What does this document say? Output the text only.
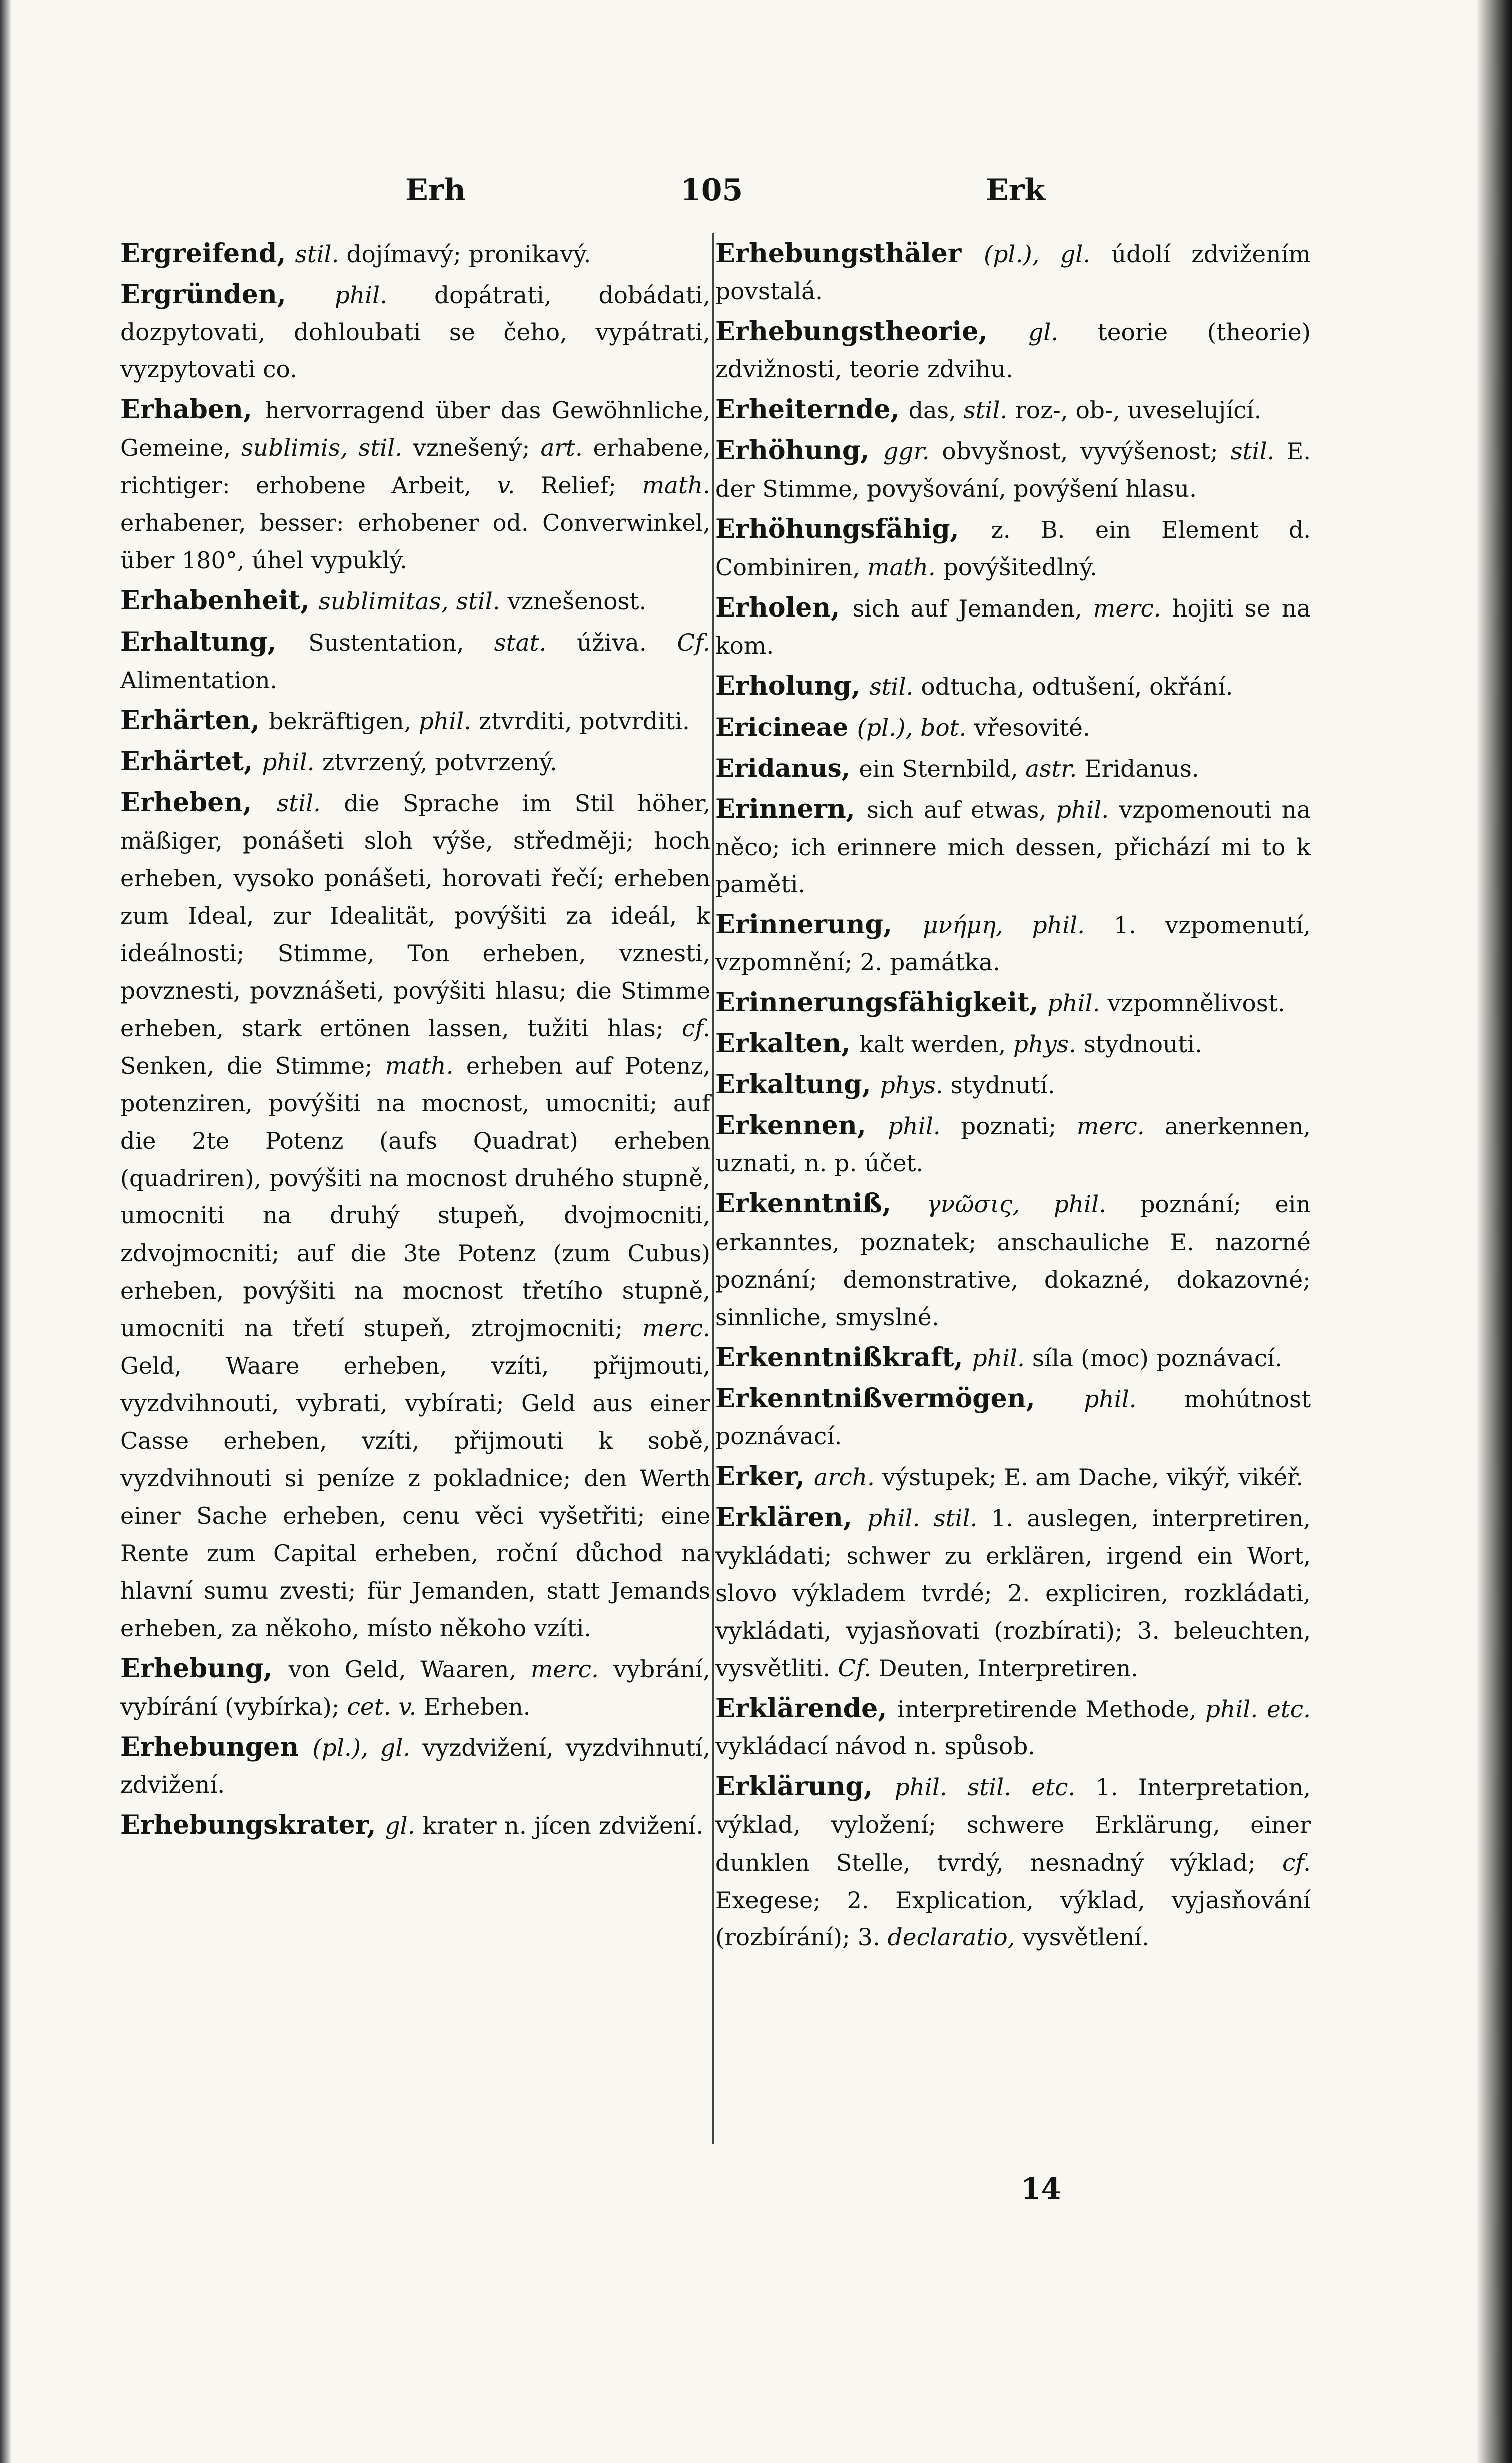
Erh	105	Erk

Ergreifend, stil. dojímavý; pronikavý.

Ergründen, phil. dopátrati, dobádati, dozpytovati, dohloubati se čeho, vypátrati, vyzpytovati co.

Erhaben, hervorragend über das Gewöhnliche, Gemeine, sublimis, stil. vznešený; art. erhabene, richtiger: erhobene Arbeit, v. Relief; math. erhabener, besser: erhobener od. Converwinkel, über 180°, úhel vypuklý.

Erhabenheit, sublimitas, stil. vznešenost.

Erhaltung, Sustentation, stat. úživa. Cf. Alimentation.

Erhärten, bekräftigen, phil. ztvrditi, potvrditi.

Erhärtet, phil. ztvrzený, potvrzený.

Erheben, stil. die Sprache im Stil höher, mäßiger, ponášeti sloh výše, středměji; hoch erheben, vysoko ponášeti, horovati řečí; erheben zum Ideal, zur Idealität, povýšiti za ideál, k ideálnosti; Stimme, Ton erheben, vznesti, povznesti, povznášeti, povýšiti hlasu; die Stimme erheben, stark ertönen lassen, tužiti hlas; cf. Senken, die Stimme; math. erheben auf Potenz, potenziren, povýšiti na mocnost, umocniti; auf die 2te Potenz (aufs Quadrat) erheben (quadriren), povýšiti na mocnost druhého stupně, umocniti na druhý stupeň, dvojmocniti, zdvojmocniti; auf die 3te Potenz (zum Cubus) erheben, povýšiti na mocnost třetího stupně, umocniti na třetí stupeň, ztrojmocniti; merc. Geld, Waare erheben, vzíti, přijmouti, vyzdvihnouti, vybrati, vybírati; Geld aus einer Casse erheben, vzíti, přijmouti k sobě, vyzdvihnouti si peníze z pokladnice; den Werth einer Sache erheben, cenu věci vyšetřiti; eine Rente zum Capital erheben, roční důchod na hlavní sumu zvesti; für Jemanden, statt Jemands erheben, za někoho, místo někoho vzíti.

Erhebung, von Geld, Waaren, merc. vybrání, vybírání (vybírka); cet. v. Erheben.

Erhebungen (pl.), gl. vyzdvižení, vyzdvihnutí, zdvižení.

Erhebungskrater, gl. krater n. jícen zdvižení.

Erhebungsthäler (pl.), gl. údolí zdvižením povstalá.

Erhebungstheorie, gl. teorie (theorie) zdvižnosti, teorie zdvihu.

Erheiternde, das, stil. roz-, ob-, uveselující.

Erhöhung, ggr. obvyšnost, vyvýšenost; stil. E. der Stimme, povyšování, povýšení hlasu.

Erhöhungsfähig, z. B. ein Element d. Combiniren, math. povýšitedlný.

Erholen, sich auf Jemanden, merc. hojiti se na kom.

Erholung, stil. odtucha, odtušení, okřání.

Ericineae (pl.), bot. vřesovité.

Eridanus, ein Sternbild, astr. Eridanus.

Erinnern, sich auf etwas, phil. vzpomenouti na něco; ich erinnere mich dessen, přichází mi to k paměti.

Erinnerung, μνήμη, phil. 1. vzpomenutí, vzpomnění; 2. památka.

Erinnerungsfähigkeit, phil. vzpomnělivost.

Erkalten, kalt werden, phys. stydnouti.

Erkaltung, phys. stydnutí.

Erkennen, phil. poznati; merc. anerkennen, uznati, n. p. účet.

Erkenntniß, γνῶσις, phil. poznání; ein erkanntes, poznatek; anschauliche E. nazorné poznání; demonstrative, dokazné, dokazovné; sinnliche, smyslné.

Erkenntnißkraft, phil. síla (moc) poznávací.

Erkenntnißvermögen, phil. mohútnost poznávací.

Erker, arch. výstupek; E. am Dache, vikýř, vikéř.

Erklären, phil. stil. 1. auslegen, interpretiren, vykládati; schwer zu erklären, irgend ein Wort, slovo výkladem tvrdé; 2. expliciren, rozkládati, vykládati, vyjasňovati (rozbírati); 3. beleuchten, vysvětliti. Cf. Deuten, Interpretiren.

Erklärende, interpretirende Methode, phil. etc. vykládací návod n. spůsob.

Erklärung, phil. stil. etc. 1. Interpretation, výklad, vyložení; schwere Erklärung, einer dunklen Stelle, tvrdý, nesnadný výklad; cf. Exegese; 2. Explication, výklad, vyjasňování (rozbírání); 3. declaratio, vysvětlení.

14
